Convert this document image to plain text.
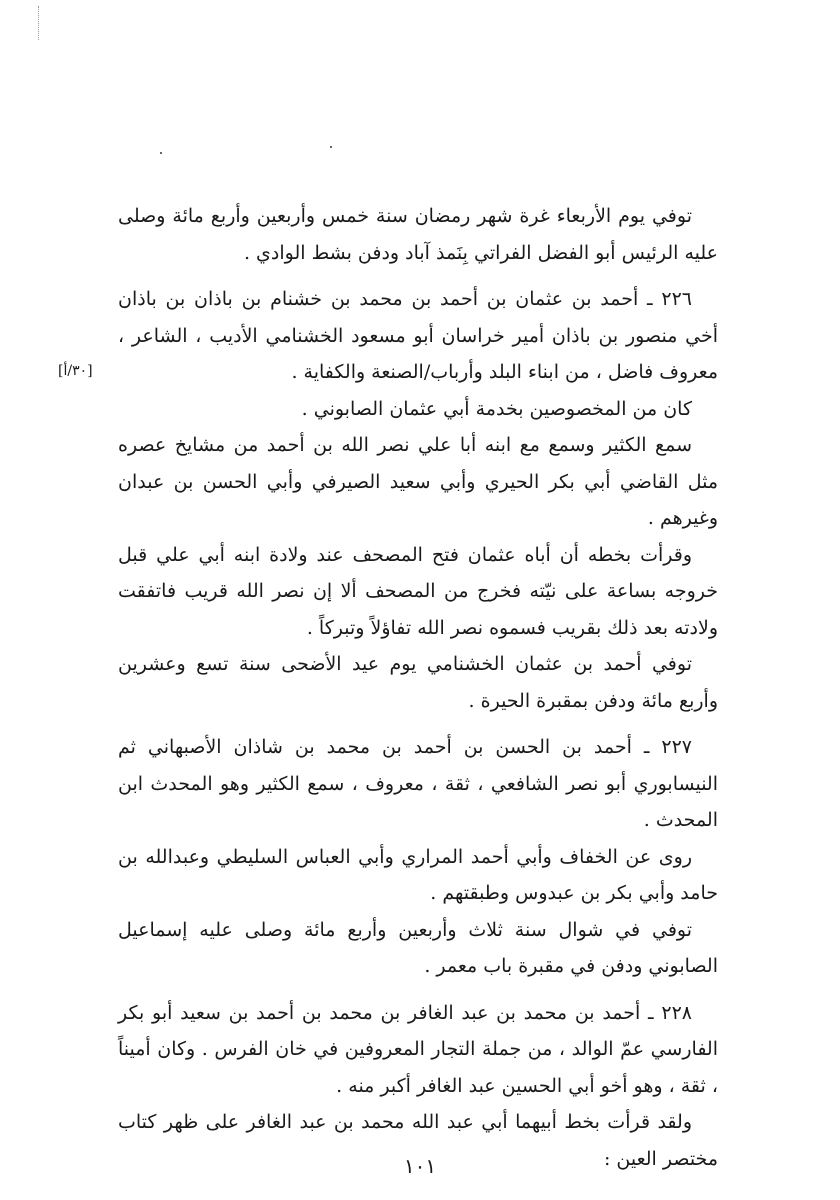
[٣٠/أ]

توفي يوم الأربعاء غرة شهر رمضان سنة خمس وأربعين وأربع مائة وصلى عليه الرئيس أبو الفضل الفراتي بِنَمذ آباد ودفن بشط الوادي .

٢٢٦ ـ أحمد بن عثمان بن أحمد بن محمد بن خشنام بن باذان بن باذان أخي منصور بن باذان أمير خراسان أبو مسعود الخشنامي الأديب ، الشاعر ، معروف فاضل ، من ابناء البلد وأرباب/الصنعة والكفاية .

كان من المخصوصين بخدمة أبي عثمان الصابوني .

سمع الكثير وسمع مع ابنه أبا علي نصر الله بن أحمد من مشايخ عصره مثل القاضي أبي بكر الحيري وأبي سعيد الصيرفي وأبي الحسن بن عبدان وغيرهم .

وقرأت بخطه أن أباه عثمان فتح المصحف عند ولادة ابنه أبي علي قبل خروجه بساعة على نيّته فخرج من المصحف ألا إن نصر الله قريب فاتفقت ولادته بعد ذلك بقريب فسموه نصر الله تفاؤلاً وتبركاً .

توفي أحمد بن عثمان الخشنامي يوم عيد الأضحى سنة تسع وعشرين وأربع مائة ودفن بمقبرة الحيرة .

٢٢٧ ـ أحمد بن الحسن بن أحمد بن محمد بن شاذان الأصبهاني ثم النيسابوري أبو نصر الشافعي ، ثقة ، معروف ، سمع الكثير وهو المحدث ابن المحدث .

روى عن الخفاف وأبي أحمد المراري وأبي العباس السليطي وعبدالله بن حامد وأبي بكر بن عبدوس وطبقتهم .

توفي في شوال سنة ثلاث وأربعين وأربع مائة وصلى عليه إسماعيل الصابوني ودفن في مقبرة باب معمر .

٢٢٨ ـ أحمد بن محمد بن عبد الغافر بن محمد بن أحمد بن سعيد أبو بكر الفارسي عمّ الوالد ، من جملة التجار المعروفين في خان الفرس . وكان أميناً ، ثقة ، وهو أخو أبي الحسين عبد الغافر أكبر منه .

ولقد قرأت بخط أبيهما أبي عبد الله محمد بن عبد الغافر على ظهر كتاب مختصر العين :

١٠١
